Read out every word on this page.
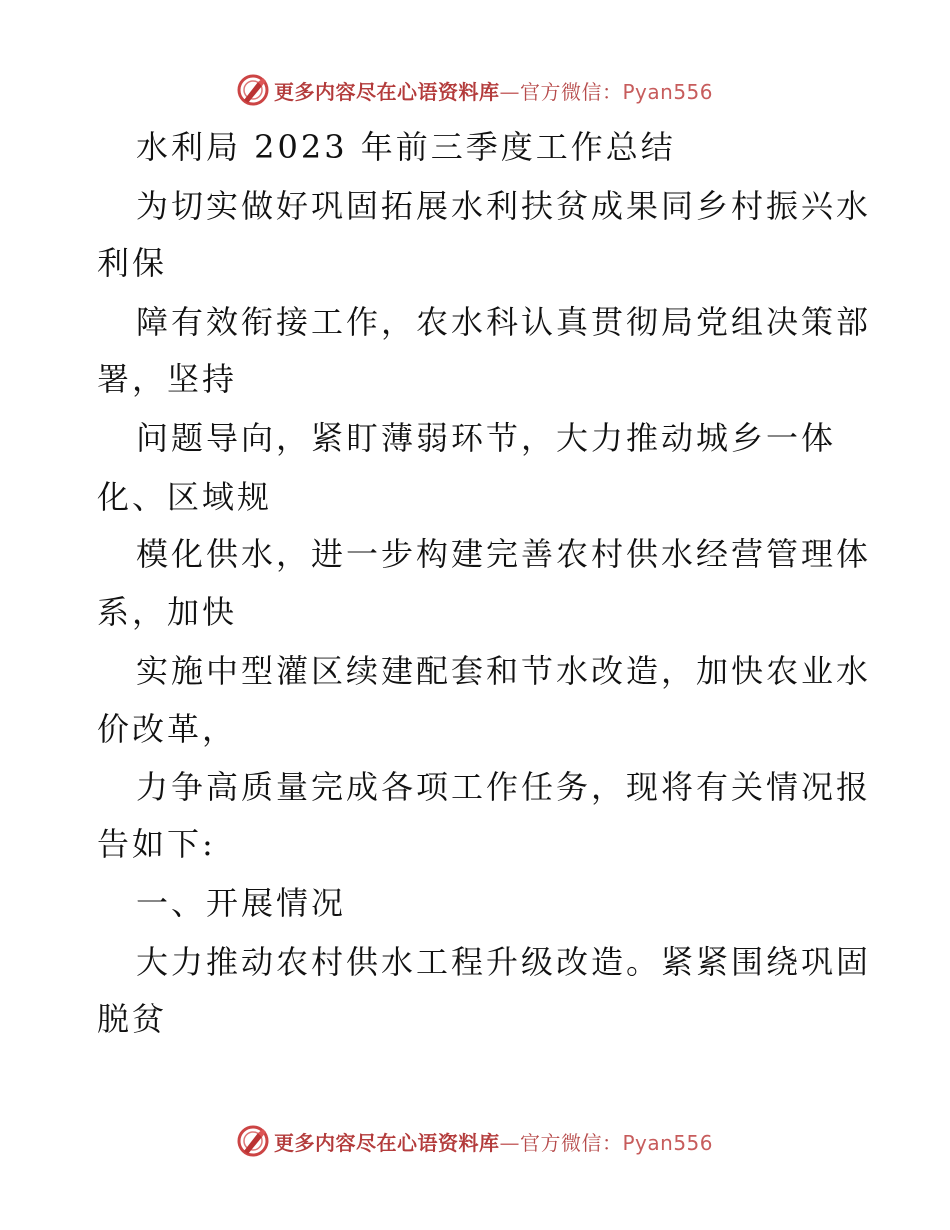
更多内容尽在心语资料库—官方微信：Pyan556
水利局 2023 年前三季度工作总结
为切实做好巩固拓展水利扶贫成果同乡村振兴水
利保
障有效衔接工作，农水科认真贯彻局党组决策部
署，坚持
问题导向，紧盯薄弱环节，大力推动城乡一体
化、区域规
模化供水，进一步构建完善农村供水经营管理体
系，加快
实施中型灌区续建配套和节水改造，加快农业水
价改革，
力争高质量完成各项工作任务，现将有关情况报
告如下:
一、开展情况
大力推动农村供水工程升级改造。紧紧围绕巩固
脱贫
更多内容尽在心语资料库—官方微信：Pyan556
